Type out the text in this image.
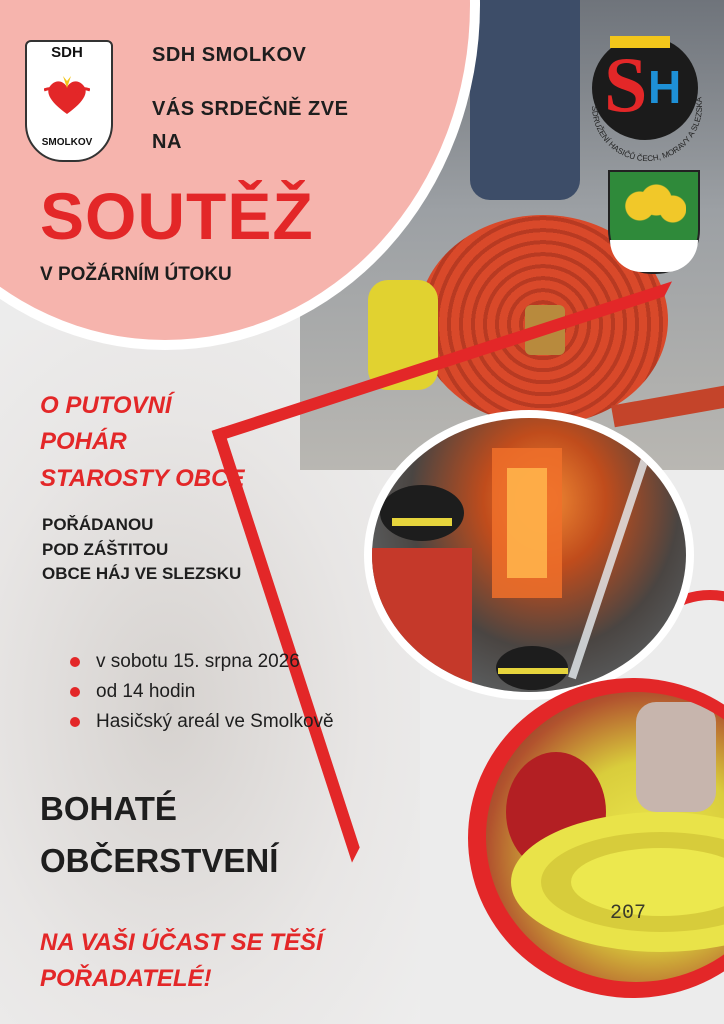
207
SDH
SMOLKOV
SDH SMOLKOV
VÁS SRDEČNĚ ZVE
NA
SOUTĚŽ
V POŽÁRNÍM ÚTOKU
S H
SDRUŽENÍ HASIČŮ ČECH, MORAVY A SLEZSKA
O PUTOVNÍ
POHÁR
STAROSTY OBCE
POŘÁDANOU
POD ZÁŠTITOU
OBCE HÁJ VE SLEZSKU
v sobotu 15. srpna 2026
od 14 hodin
Hasičský areál ve Smolkově
BOHATÉ
OBČERSTVENÍ
NA VAŠI ÚČAST SE TĚŠÍ
POŘADATELÉ!
